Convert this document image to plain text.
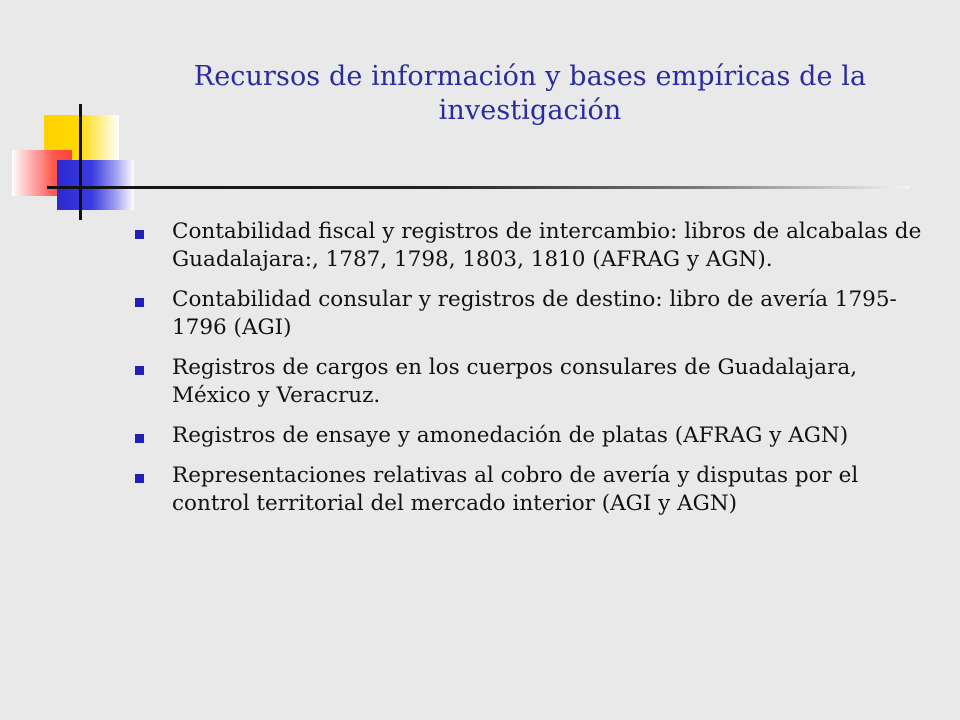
Recursos de información y bases empíricas de la investigación
Contabilidad fiscal y registros de intercambio: libros de alcabalas de Guadalajara:, 1787, 1798, 1803, 1810 (AFRAG y AGN).
Contabilidad consular y registros de destino: libro de avería 1795-1796 (AGI)
Registros de cargos en los cuerpos consulares de Guadalajara, México y Veracruz.
Registros de ensaye y amonedación de platas (AFRAG y AGN)
Representaciones relativas al cobro de avería y disputas por el control territorial del mercado interior (AGI y AGN)
